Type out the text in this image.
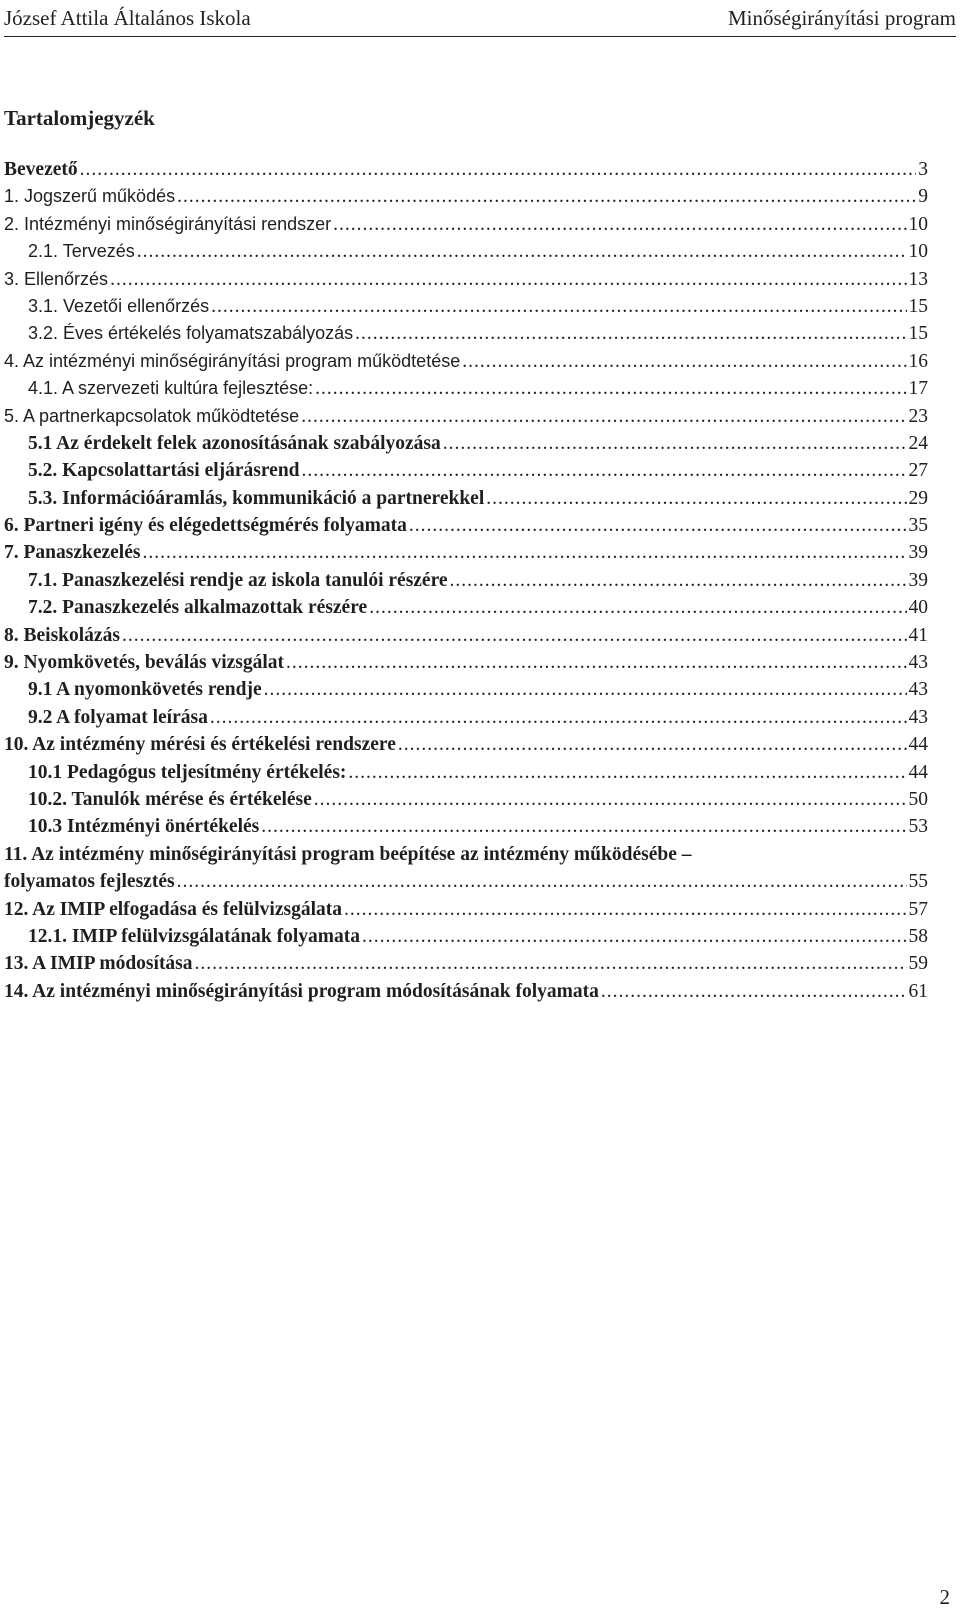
József Attila Általános Iskola	Minőségirányítási program
Tartalomjegyzék
Bevezető .....	3
1. Jogszerű működés .....	9
2. Intézményi minőségirányítási rendszer .....	10
2.1. Tervezés .....	10
3. Ellenőrzés .....	13
3.1. Vezetői ellenőrzés .....	15
3.2. Éves értékelés folyamatszabályozás .....	15
4. Az intézményi minőségirányítási program működtetése .....	16
4.1. A szervezeti kultúra fejlesztése: .....	17
5. A partnerkapcsolatok működtetése .....	23
5.1 Az érdekelt felek azonosításának szabályozása .....	24
5.2. Kapcsolattartási eljárásrend .....	27
5.3. Információáramlás, kommunikáció a partnerekkel .....	29
6. Partneri igény és elégedettségmérés folyamata .....	35
7. Panaszkezelés .....	39
7.1. Panaszkezelési rendje az iskola tanulói részére .....	39
7.2. Panaszkezelés alkalmazottak részére .....	40
8. Beiskolázás .....	41
9. Nyomkövetés, beválás vizsgálat .....	43
9.1 A nyomonkövetés rendje .....	43
9.2 A folyamat leírása .....	43
10. Az intézmény mérési és értékelési rendszere .....	44
10.1 Pedagógus teljesítmény értékelés: .....	44
10.2. Tanulók mérése és értékelése .....	50
10.3 Intézményi önértékelés .....	53
11. Az intézmény minőségirányítási program beépítése az intézmény működésébe –
folyamatos fejlesztés .....	55
12. Az IMIP elfogadása és felülvizsgálata .....	57
12.1. IMIP felülvizsgálatának folyamata .....	58
13. A IMIP módosítása .....	59
14. Az intézményi minőségirányítási program módosításának folyamata .....	61
2
